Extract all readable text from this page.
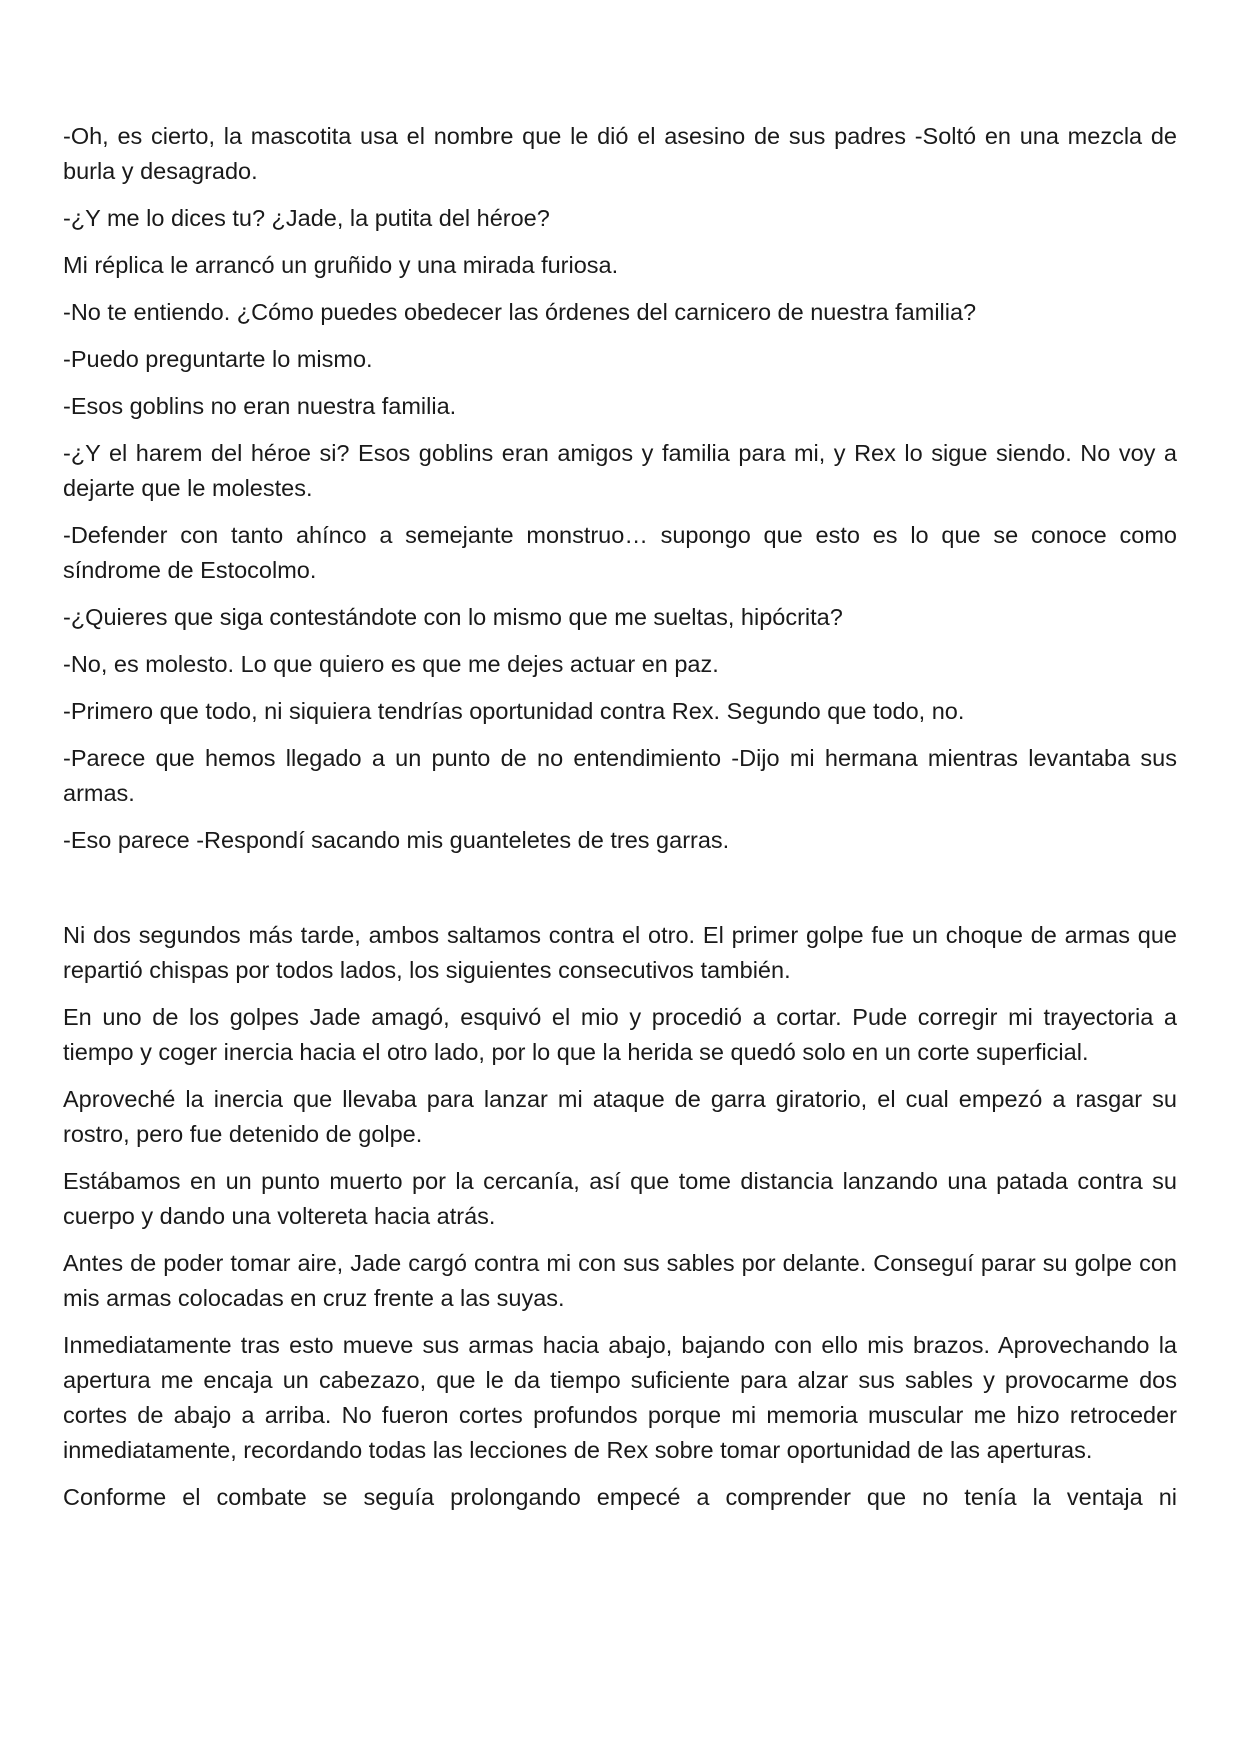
-Oh, es cierto, la mascotita usa el nombre que le dió el asesino de sus padres -Soltó en una mezcla de burla y desagrado.

-¿Y me lo dices tu? ¿Jade, la putita del héroe?

Mi réplica le arrancó un gruñido y una mirada furiosa.

-No te entiendo. ¿Cómo puedes obedecer las órdenes del carnicero de nuestra familia?

-Puedo preguntarte lo mismo.

-Esos goblins no eran nuestra familia.

-¿Y el harem del héroe si? Esos goblins eran amigos y familia para mi, y Rex lo sigue siendo. No voy a dejarte que le molestes.

-Defender con tanto ahínco a semejante monstruo… supongo que esto es lo que se conoce como síndrome de Estocolmo.

-¿Quieres que siga contestándote con lo mismo que me sueltas, hipócrita?

-No, es molesto. Lo que quiero es que me dejes actuar en paz.

-Primero que todo, ni siquiera tendrías oportunidad contra Rex. Segundo que todo, no.

-Parece que hemos llegado a un punto de no entendimiento -Dijo mi hermana mientras levantaba sus armas.

-Eso parece -Respondí sacando mis guanteletes de tres garras.

Ni dos segundos más tarde, ambos saltamos contra el otro. El primer golpe fue un choque de armas que repartió chispas por todos lados, los siguientes consecutivos también.

En uno de los golpes Jade amagó, esquivó el mio y procedió a cortar. Pude corregir mi trayectoria a tiempo y coger inercia hacia el otro lado, por lo que la herida se quedó solo en un corte superficial.

Aproveché la inercia que llevaba para lanzar mi ataque de garra giratorio, el cual empezó a rasgar su rostro, pero fue detenido de golpe.

Estábamos en un punto muerto por la cercanía, así que tome distancia lanzando una patada contra su cuerpo y dando una voltereta hacia atrás.

Antes de poder tomar aire, Jade cargó contra mi con sus sables por delante. Conseguí parar su golpe con mis armas colocadas en cruz frente a las suyas.

Inmediatamente tras esto mueve sus armas hacia abajo, bajando con ello mis brazos. Aprovechando la apertura me encaja un cabezazo, que le da tiempo suficiente para alzar sus sables y provocarme dos cortes de abajo a arriba. No fueron cortes profundos porque mi memoria muscular me hizo retroceder inmediatamente, recordando todas las lecciones de Rex sobre tomar oportunidad de las aperturas.

Conforme el combate se seguía prolongando empecé a comprender que no tenía la ventaja ni
